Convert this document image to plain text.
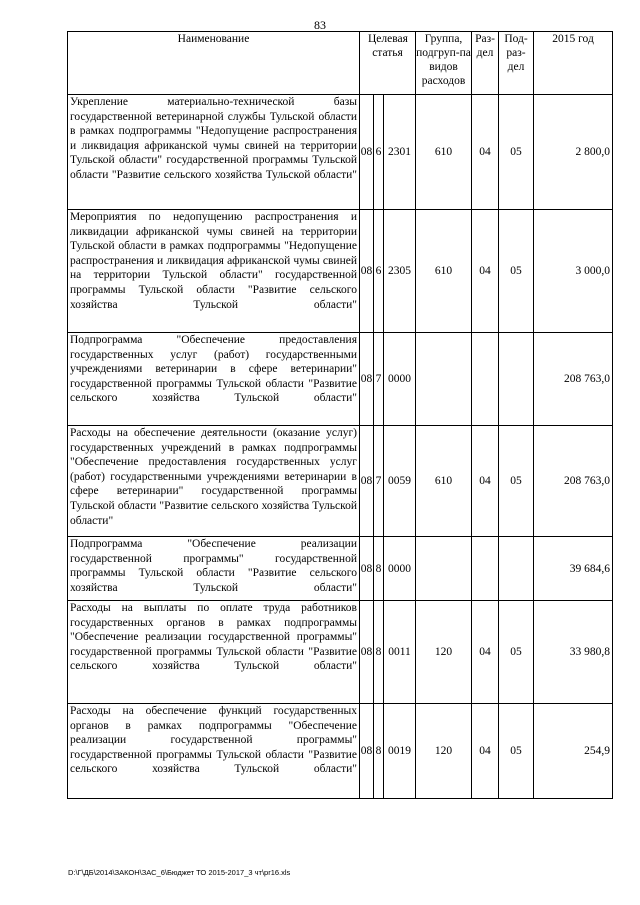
83
Наименование	Целевая статья			Группа, подгруп-па видов расходов	Раз-дел	Под-раз-дел	2015 год
Укрепление материально-технической базы государственной ветеринарной службы Тульской области в рамках подпрограммы "Недопущение распространения и ликвидация африканской чумы свиней на территории Тульской области" государственной программы Тульской области "Развитие сельского хозяйства Тульской области"	08	6	2301	610	04	05	2 800,0
Мероприятия по недопущению распространения и ликвидации африканской чумы свиней на территории Тульской области в рамках подпрограммы "Недопущение распространения и ликвидация африканской чумы свиней на территории Тульской области" государственной программы Тульской области "Развитие сельского хозяйства Тульской области"	08	6	2305	610	04	05	3 000,0
Подпрограмма "Обеспечение предоставления государственных услуг (работ) государственными учреждениями ветеринарии в сфере ветеринарии" государственной программы Тульской области "Развитие сельского хозяйства Тульской области"	08	7	0000				208 763,0
Расходы на обеспечение деятельности (оказание услуг) государственных учреждений в рамках подпрограммы "Обеспечение предоставления государственных услуг (работ) государственными учреждениями ветеринарии в сфере ветеринарии" государственной программы Тульской области "Развитие сельского хозяйства Тульской области"	08	7	0059	610	04	05	208 763,0
Подпрограмма "Обеспечение реализации государственной программы" государственной программы Тульской области "Развитие сельского хозяйства Тульской области"	08	8	0000				39 684,6
Расходы на выплаты по оплате труда работников государственных органов в рамках подпрограммы "Обеспечение реализации государственной программы" государственной программы Тульской области "Развитие сельского хозяйства Тульской области"	08	8	0011	120	04	05	33 980,8
Расходы на обеспечение функций государственных органов в рамках подпрограммы "Обеспечение реализации государственной программы" государственной программы Тульской области "Развитие сельского хозяйства Тульской области"	08	8	0019	120	04	05	254,9
D:\Г\ДБ\2014\ЗАКОН\ЗАС_6\Бюджет ТО 2015-2017_3 чт\pr16.xls
